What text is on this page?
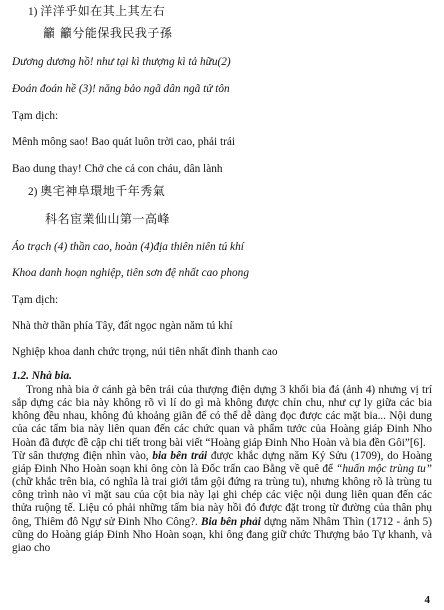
1) 洋洋乎如在其上其左右
籲 籲兮能保我民我子孫
Dương dương hồ! như tại kì thượng kì tả hữu(2)
Đoán đoán hề (3)! năng bảo ngã dân ngã tử tôn
Tạm dịch:
Mênh mông sao! Bao quát luôn trời cao, phải trái
Bao dung thay! Chở che cả con cháu, dân lành
2) 奧宅神阜環地千年秀氣
科名宦業仙山第一高峰
Áo trạch (4) thần cao, hoàn (4)địa thiên niên tú khí
Khoa danh hoạn nghiệp, tiên sơn đệ nhất cao phong
Tạm dịch:
Nhà thờ thần phía Tây, đất ngọc ngàn năm tú khí
Nghiệp khoa danh chức trọng, núi tiên nhất đỉnh thanh cao
1.2. Nhà bia.

Trong nhà bia ở cánh gà bên trái của thượng điện dựng 3 khối bia đá (ảnh 4) nhưng vị trí sắp dựng các bia này không rõ vì lí do gì mà không được chỉn chu, như cự ly giữa các bia không đều nhau, không đủ khoảng giãn để có thể dễ dàng đọc được các mặt bia... Nội dung của các tấm bia này liên quan đến các chức quan và phẩm tước của Hoàng giáp Đinh Nho Hoàn đã được đề cập chi tiết trong bài viết “Hoàng giáp Đinh Nho Hoàn và bia đền Gôi”[6].

Từ sân thượng điện nhìn vào, bia bên trái được khắc dựng năm Kỷ Sửu (1709), do Hoàng giáp Đinh Nho Hoàn soạn khi ông còn là Đốc trấn cao Bằng về quê để “huấn mộc trùng tu” (chữ khắc trên bia, có nghĩa là trai giới tắm gội đứng ra trùng tu), nhưng không rõ là trùng tu công trình nào vì mặt sau của cột bia này lại ghi chép các việc nội dung liên quan đến các thửa ruộng tế. Liệu có phải những tấm bia này hồi đó được đặt trong từ đường của thân phụ ông, Thiêm đô Ngự sử Đinh Nho Công?. Bia bên phải dựng năm Nhâm Thìn (1712 - ảnh 5) cũng do Hoàng giáp Đinh Nho Hoàn soạn, khi ông đang giữ chức Thượng bảo Tự khanh, và giao cho

4
